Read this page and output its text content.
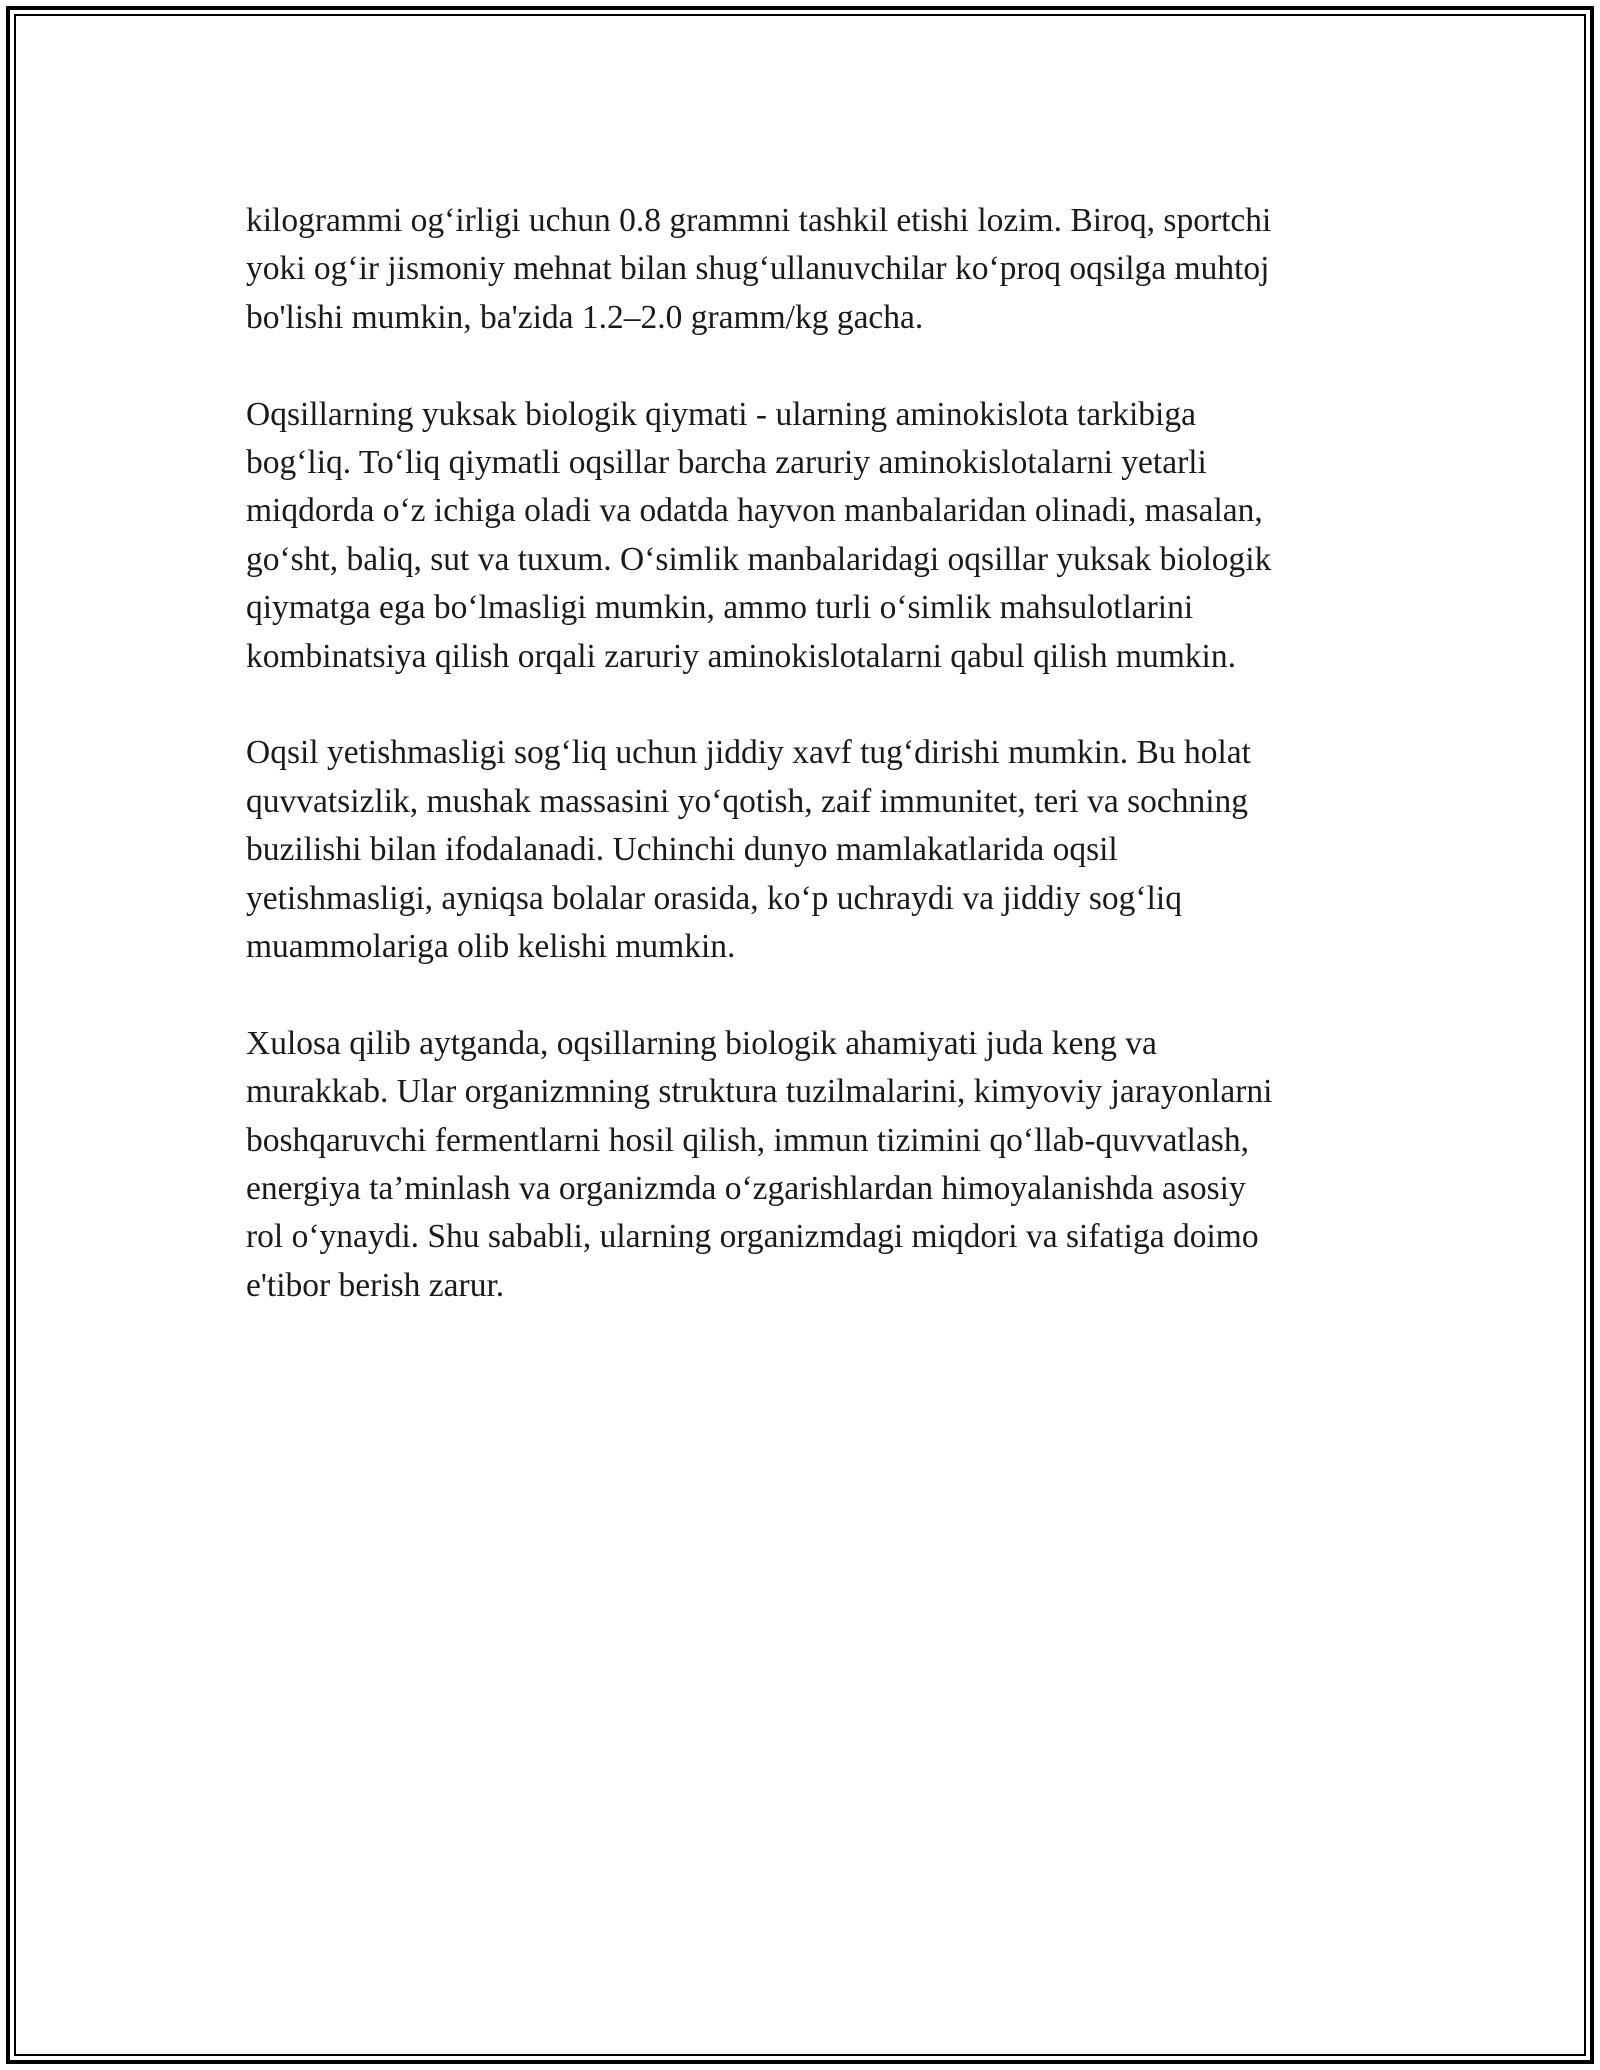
kilogrammi og‘irligi uchun 0.8 grammni tashkil etishi lozim. Biroq, sportchi
yoki og‘ir jismoniy mehnat bilan shug‘ullanuvchilar ko‘proq oqsilga muhtoj
bo'lishi mumkin, ba'zida 1.2–2.0 gramm/kg gacha.

Oqsillarning yuksak biologik qiymati - ularning aminokislota tarkibiga
bog‘liq. To‘liq qiymatli oqsillar barcha zaruriy aminokislotalarni yetarli
miqdorda o‘z ichiga oladi va odatda hayvon manbalaridan olinadi, masalan,
go‘sht, baliq, sut va tuxum. O‘simlik manbalaridagi oqsillar yuksak biologik
qiymatga ega bo‘lmasligi mumkin, ammo turli o‘simlik mahsulotlarini
kombinatsiya qilish orqali zaruriy aminokislotalarni qabul qilish mumkin.

Oqsil yetishmasligi sog‘liq uchun jiddiy xavf tug‘dirishi mumkin. Bu holat
quvvatsizlik, mushak massasini yo‘qotish, zaif immunitet, teri va sochning
buzilishi bilan ifodalanadi. Uchinchi dunyo mamlakatlarida oqsil
yetishmasligi, ayniqsa bolalar orasida, ko‘p uchraydi va jiddiy sog‘liq
muammolariga olib kelishi mumkin.

Xulosa qilib aytganda, oqsillarning biologik ahamiyati juda keng va
murakkab. Ular organizmning struktura tuzilmalarini, kimyoviy jarayonlarni
boshqaruvchi fermentlarni hosil qilish, immun tizimini qo‘llab-quvvatlash,
energiya ta’minlash va organizmda o‘zgarishlardan himoyalanishda asosiy
rol o‘ynaydi. Shu sababli, ularning organizmdagi miqdori va sifatiga doimo
e'tibor berish zarur.
